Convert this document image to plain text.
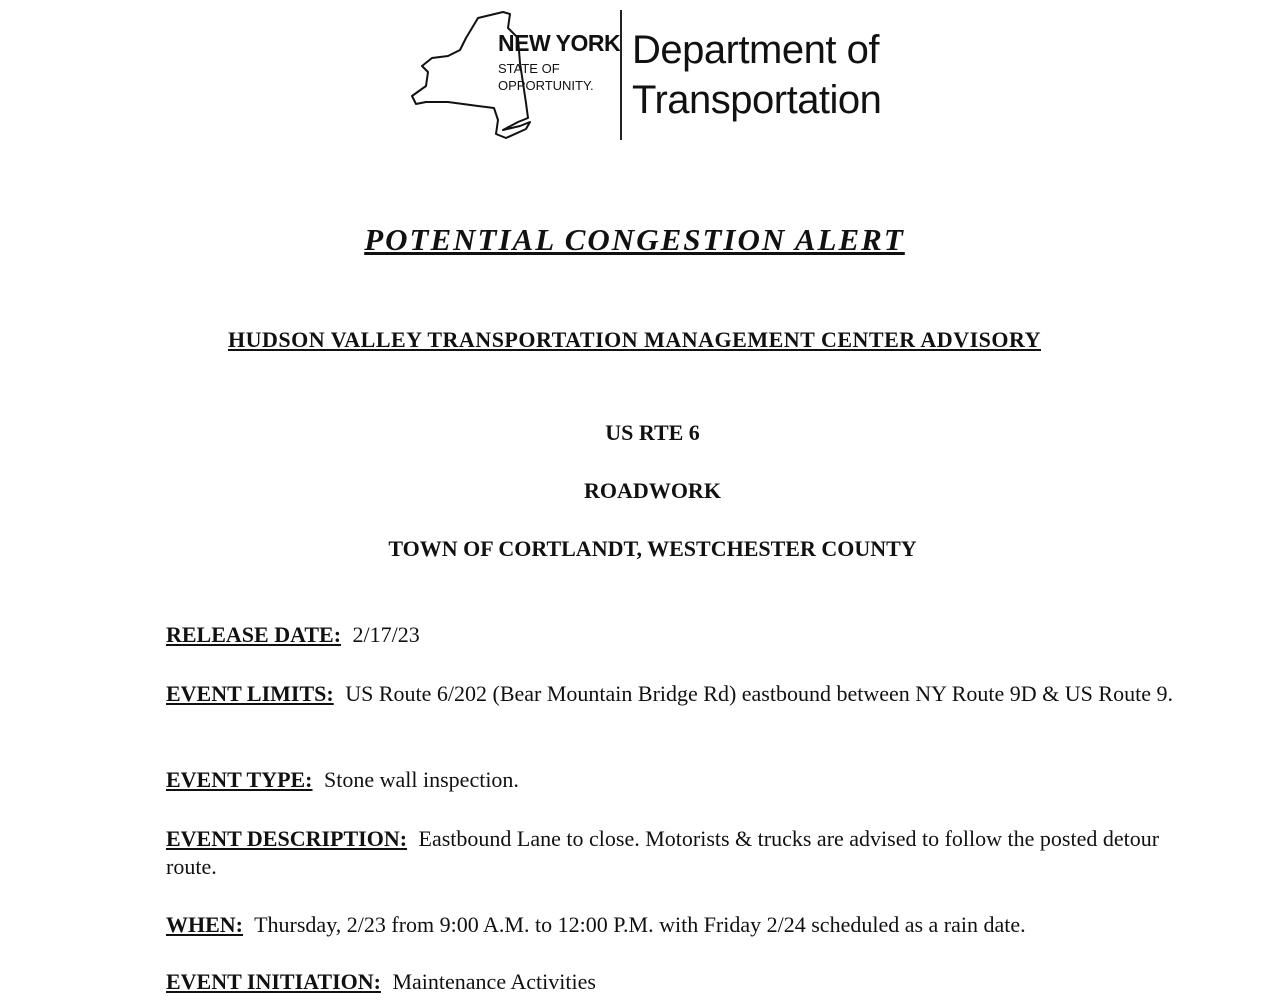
NEW YORK
STATE OF
OPPORTUNITY.
Department of
Transportation
POTENTIAL CONGESTION ALERT
HUDSON VALLEY TRANSPORTATION MANAGEMENT CENTER ADVISORY
US RTE 6
ROADWORK
TOWN OF CORTLANDT, WESTCHESTER COUNTY
RELEASE DATE: 2/17/23
EVENT LIMITS: US Route 6/202 (Bear Mountain Bridge Rd) eastbound between NY Route 9D & US Route 9.
EVENT TYPE: Stone wall inspection.
EVENT DESCRIPTION: Eastbound Lane to close. Motorists & trucks are advised to follow the posted detour route.
WHEN: Thursday, 2/23 from 9:00 A.M. to 12:00 P.M. with Friday 2/24 scheduled as a rain date.
EVENT INITIATION: Maintenance Activities
